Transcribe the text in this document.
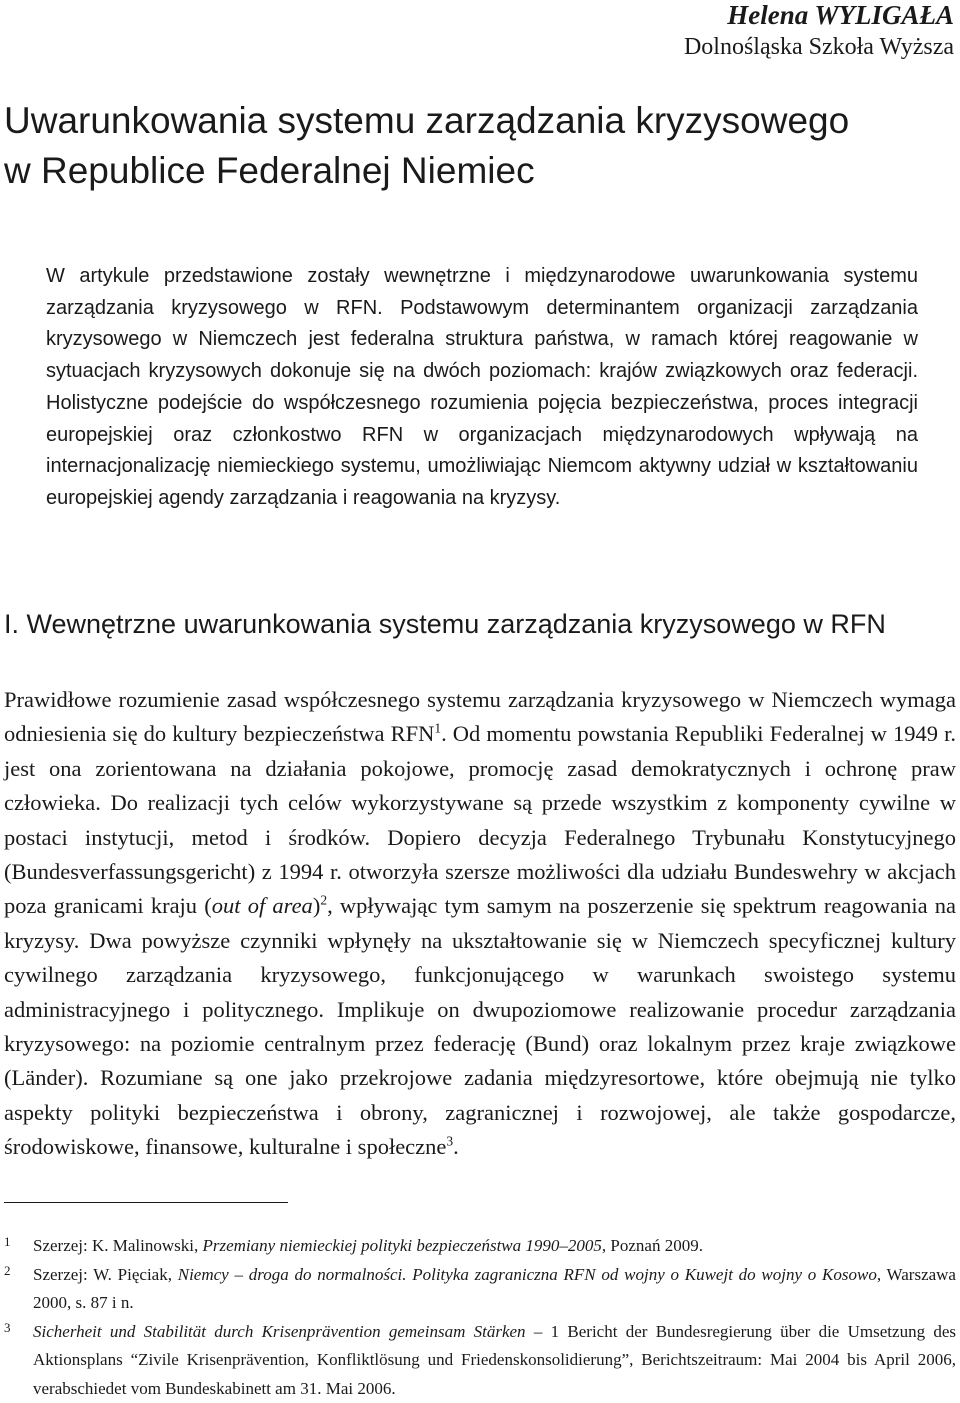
Helena WYLIGAŁA
Dolnośląska Szkoła Wyższa
Uwarunkowania systemu zarządzania kryzysowego
w Republice Federalnej Niemiec

W artykule przedstawione zostały wewnętrzne i międzynarodowe uwarunkowania systemu zarządzania kryzysowego w RFN. Podstawowym determinantem organizacji zarządzania kryzysowego w Niemczech jest federalna struktura państwa, w ramach której reagowanie w sytuacjach kryzysowych dokonuje się na dwóch poziomach: krajów związkowych oraz federacji. Holistyczne podejście do współczesnego rozumienia pojęcia bezpieczeństwa, proces integracji europejskiej oraz członkostwo RFN w organizacjach międzynarodowych wpływają na internacjonalizację niemieckiego systemu, umożliwiając Niemcom aktywny udział w kształtowaniu europejskiej agendy zarządzania i reagowania na kryzysy.

I. Wewnętrzne uwarunkowania systemu zarządzania kryzysowego w RFN

Prawidłowe rozumienie zasad współczesnego systemu zarządzania kryzysowego w Niemczech wymaga odniesienia się do kultury bezpieczeństwa RFN$^1$. Od momentu powstania Republiki Federalnej w 1949 r. jest ona zorientowana na działania pokojowe, promocję zasad demokratycznych i ochronę praw człowieka. Do realizacji tych celów wykorzystywane są przede wszystkim z komponenty cywilne w postaci instytucji, metod i środków. Dopiero decyzja Federalnego Trybunału Konstytucyjnego (Bundesverfassungsgericht) z 1994 r. otworzyła szersze możliwości dla udziału Bundeswehry w akcjach poza granicami kraju (out of area)$^2$, wpływając tym samym na poszerzenie się spektrum reagowania na kryzysy. Dwa powyższe czynniki wpłynęły na ukształtowanie się w Niemczech specyficznej kultury cywilnego zarządzania kryzysowego, funkcjonującego w warunkach swoistego systemu administracyjnego i politycznego. Implikuje on dwupoziomowe realizowanie procedur zarządzania kryzysowego: na poziomie centralnym przez federację (Bund) oraz lokalnym przez kraje związkowe (Länder). Rozumiane są one jako przekrojowe zadania międzyresortowe, które obejmują nie tylko aspekty polityki bezpieczeństwa i obrony, zagranicznej i rozwojowej, ale także gospodarcze, środowiskowe, finansowe, kulturalne i społeczne$^3$.

1	Szerzej: K. Malinowski, Przemiany niemieckiej polityki bezpieczeństwa 1990–2005, Poznań 2009.
2	Szerzej: W. Pięciak, Niemcy – droga do normalności. Polityka zagraniczna RFN od wojny o Kuwejt do wojny o Kosowo, Warszawa 2000, s. 87 i n.
3	Sicherheit und Stabilität durch Krisenprävention gemeinsam Stärken – 1 Bericht der Bundesregierung über die Umsetzung des Aktionsplans “Zivile Krisenprävention, Konfliktlösung und Friedenskonsolidierung”, Berichtszeitraum: Mai 2004 bis April 2006, verabschiedet vom Bundeskabinett am 31. Mai 2006.
